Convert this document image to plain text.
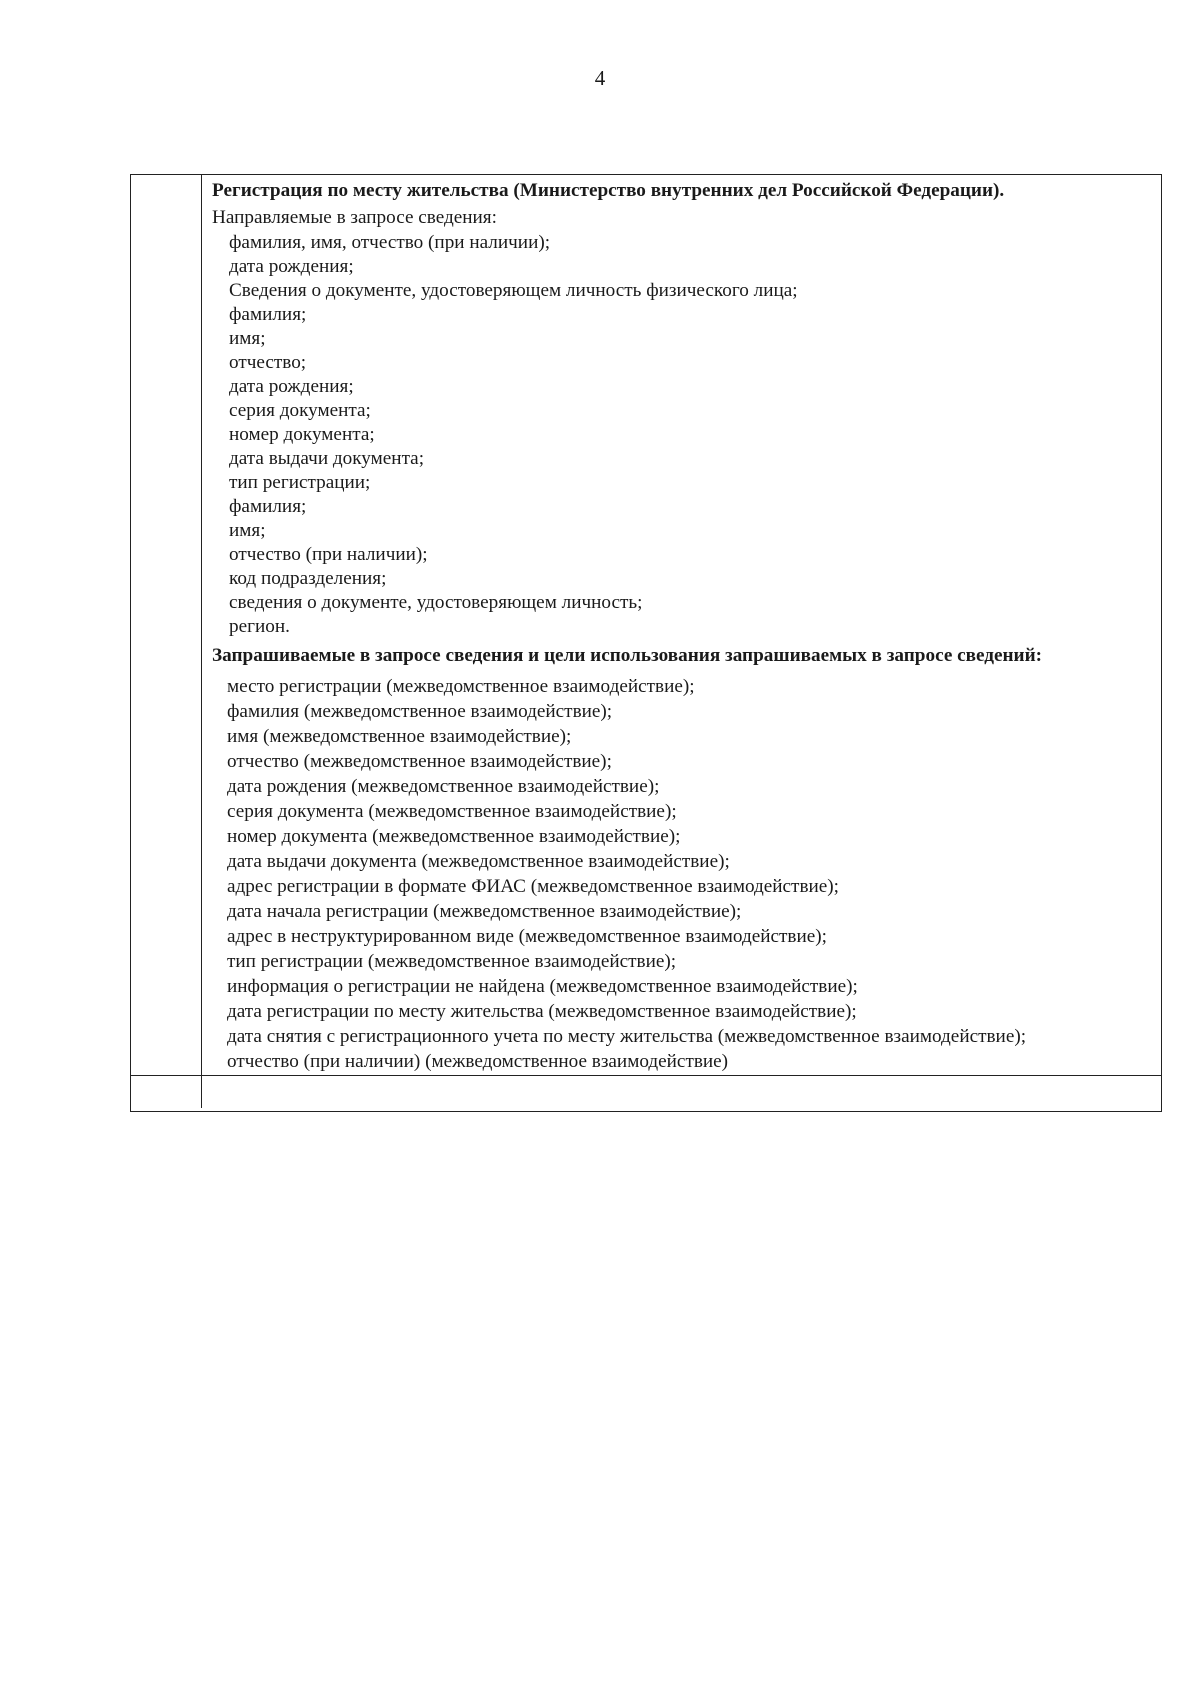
4
Регистрация по месту жительства (Министерство внутренних дел Российской Федерации).
Направляемые в запросе сведения:
фамилия, имя, отчество (при наличии);
дата рождения;
Сведения о документе, удостоверяющем личность физического лица;
фамилия;
имя;
отчество;
дата рождения;
серия документа;
номер документа;
дата выдачи документа;
тип регистрации;
фамилия;
имя;
отчество (при наличии);
код подразделения;
сведения о документе, удостоверяющем личность;
регион.
Запрашиваемые в запросе сведения и цели использования запрашиваемых в запросе сведений:
место регистрации (межведомственное взаимодействие);
фамилия (межведомственное взаимодействие);
имя (межведомственное взаимодействие);
отчество (межведомственное взаимодействие);
дата рождения (межведомственное взаимодействие);
серия документа (межведомственное взаимодействие);
номер документа (межведомственное взаимодействие);
дата выдачи документа (межведомственное взаимодействие);
адрес регистрации в формате ФИАС (межведомственное взаимодействие);
дата начала регистрации (межведомственное взаимодействие);
адрес в неструктурированном виде (межведомственное взаимодействие);
тип регистрации (межведомственное взаимодействие);
информация о регистрации не найдена (межведомственное взаимодействие);
дата регистрации по месту жительства (межведомственное взаимодействие);
дата снятия с регистрационного учета по месту жительства (межведомственное взаимодействие);
отчество (при наличии) (межведомственное взаимодействие)
